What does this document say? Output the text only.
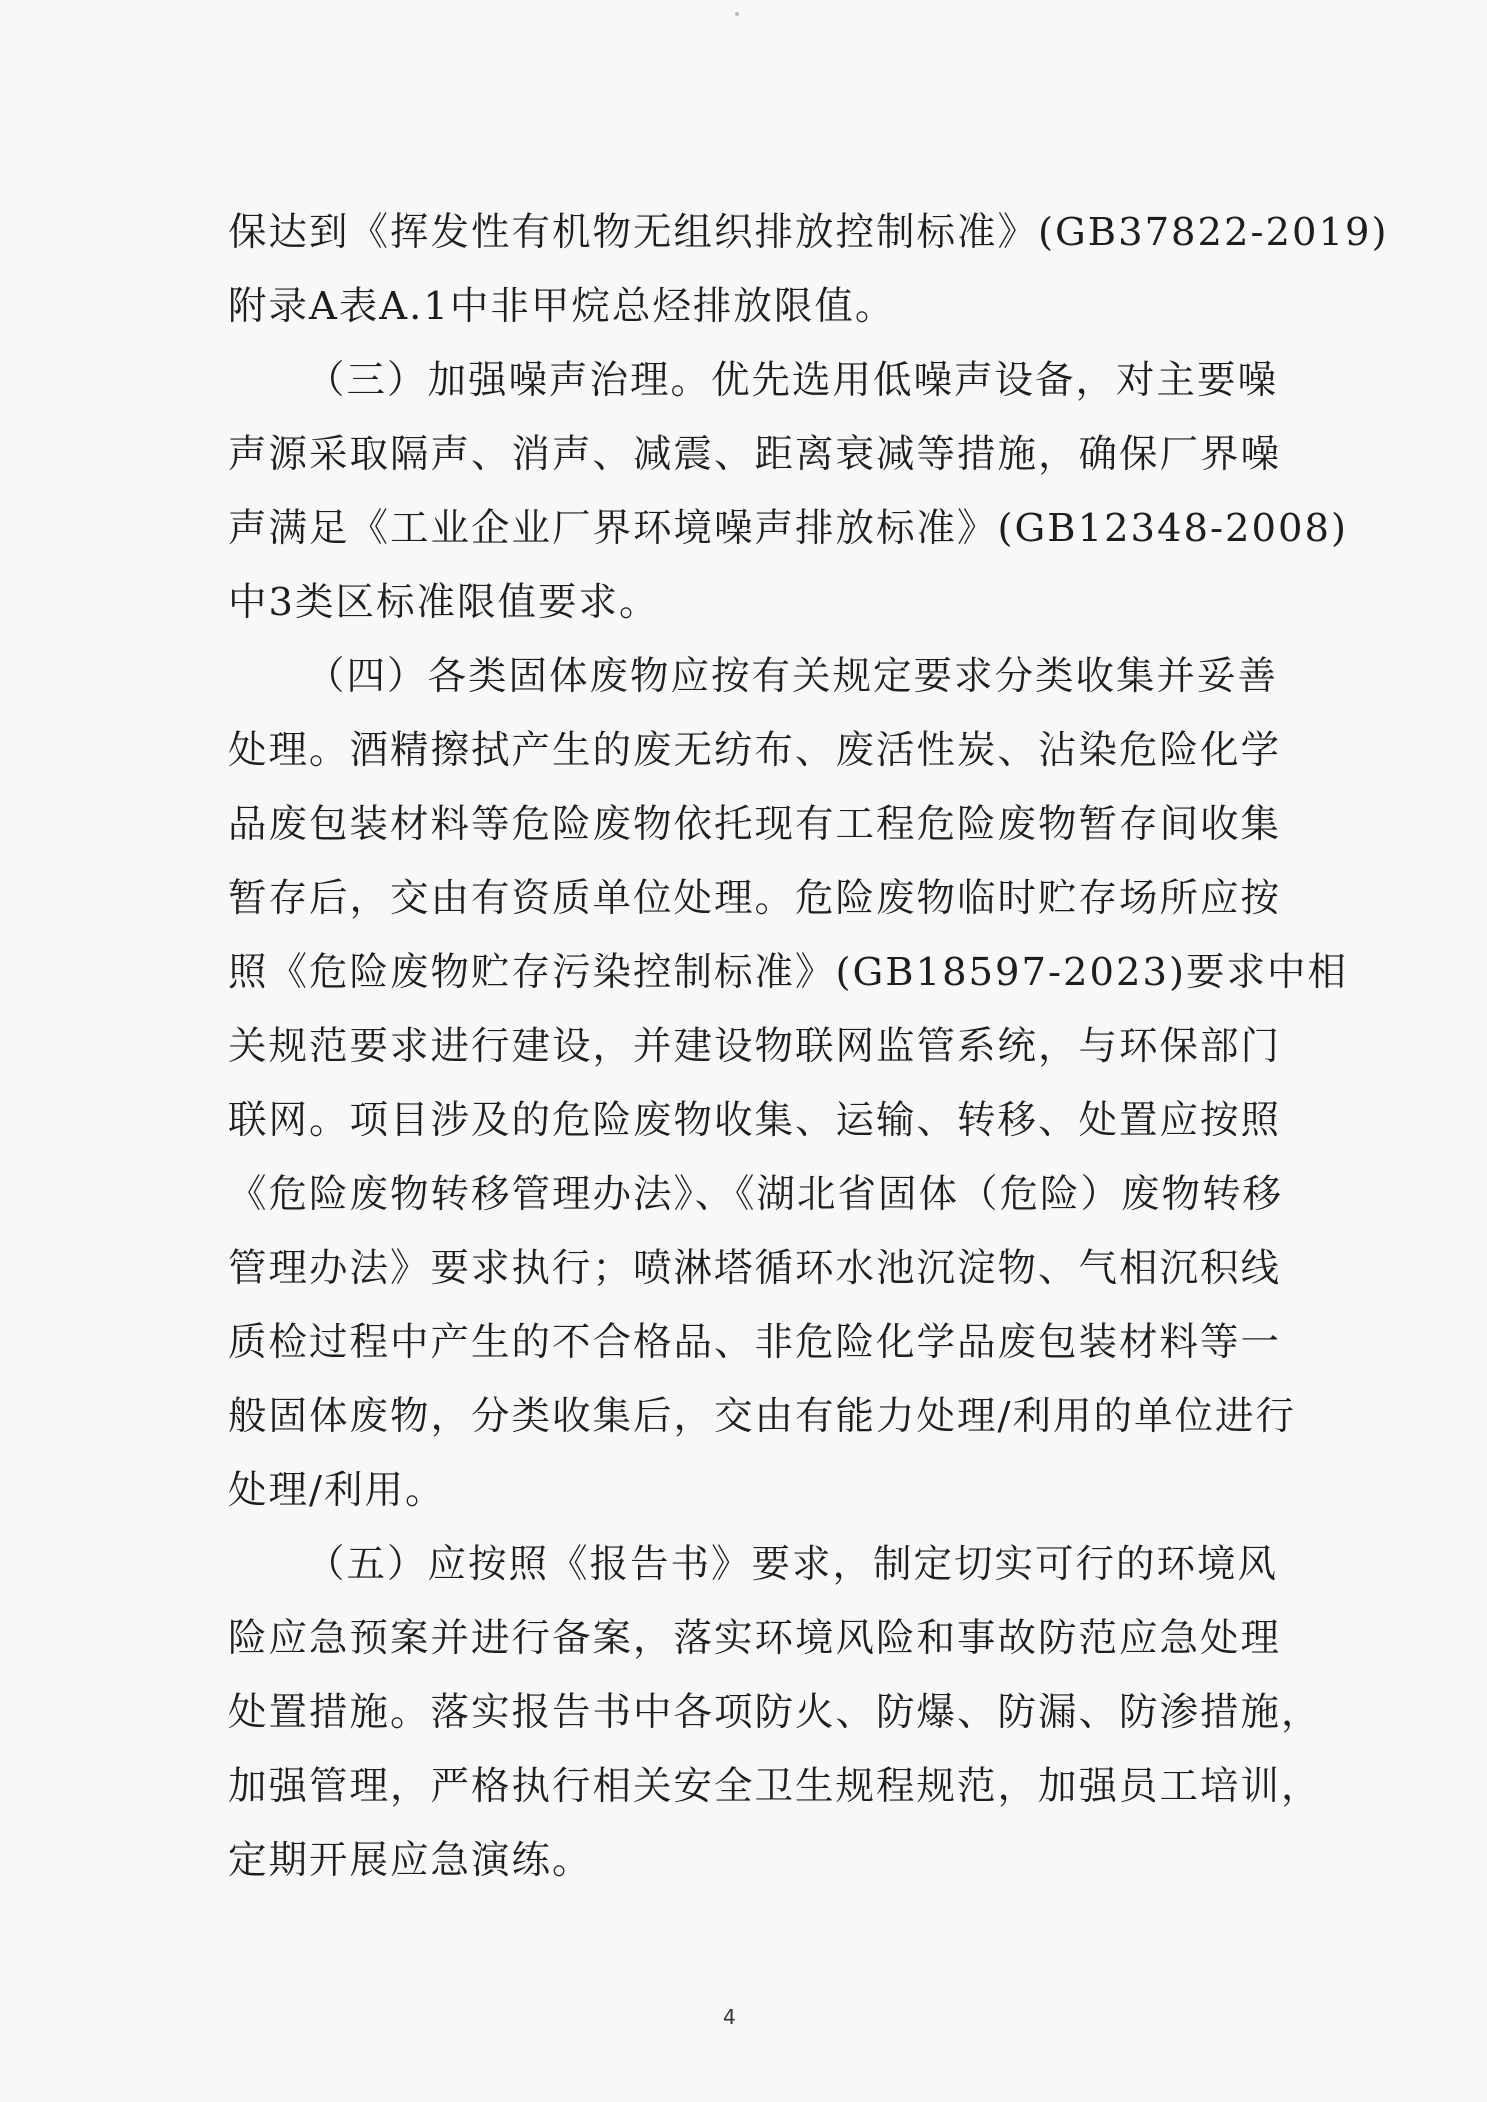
保达到《挥发性有机物无组织排放控制标准》(GB37822-2019)
附录A表A.1中非甲烷总烃排放限值。
（三）加强噪声治理。优先选用低噪声设备，对主要噪
声源采取隔声、消声、减震、距离衰减等措施，确保厂界噪
声满足《工业企业厂界环境噪声排放标准》(GB12348-2008)
中3类区标准限值要求。
（四）各类固体废物应按有关规定要求分类收集并妥善
处理。酒精擦拭产生的废无纺布、废活性炭、沾染危险化学
品废包装材料等危险废物依托现有工程危险废物暂存间收集
暂存后，交由有资质单位处理。危险废物临时贮存场所应按
照《危险废物贮存污染控制标准》(GB18597-2023)要求中相
关规范要求进行建设，并建设物联网监管系统，与环保部门
联网。项目涉及的危险废物收集、运输、转移、处置应按照
《危险废物转移管理办法》、《湖北省固体（危险）废物转移
管理办法》要求执行；喷淋塔循环水池沉淀物、气相沉积线
质检过程中产生的不合格品、非危险化学品废包装材料等一
般固体废物，分类收集后，交由有能力处理/利用的单位进行
处理/利用。
（五）应按照《报告书》要求，制定切实可行的环境风
险应急预案并进行备案，落实环境风险和事故防范应急处理
处置措施。落实报告书中各项防火、防爆、防漏、防渗措施，
加强管理，严格执行相关安全卫生规程规范，加强员工培训，
定期开展应急演练。
4
